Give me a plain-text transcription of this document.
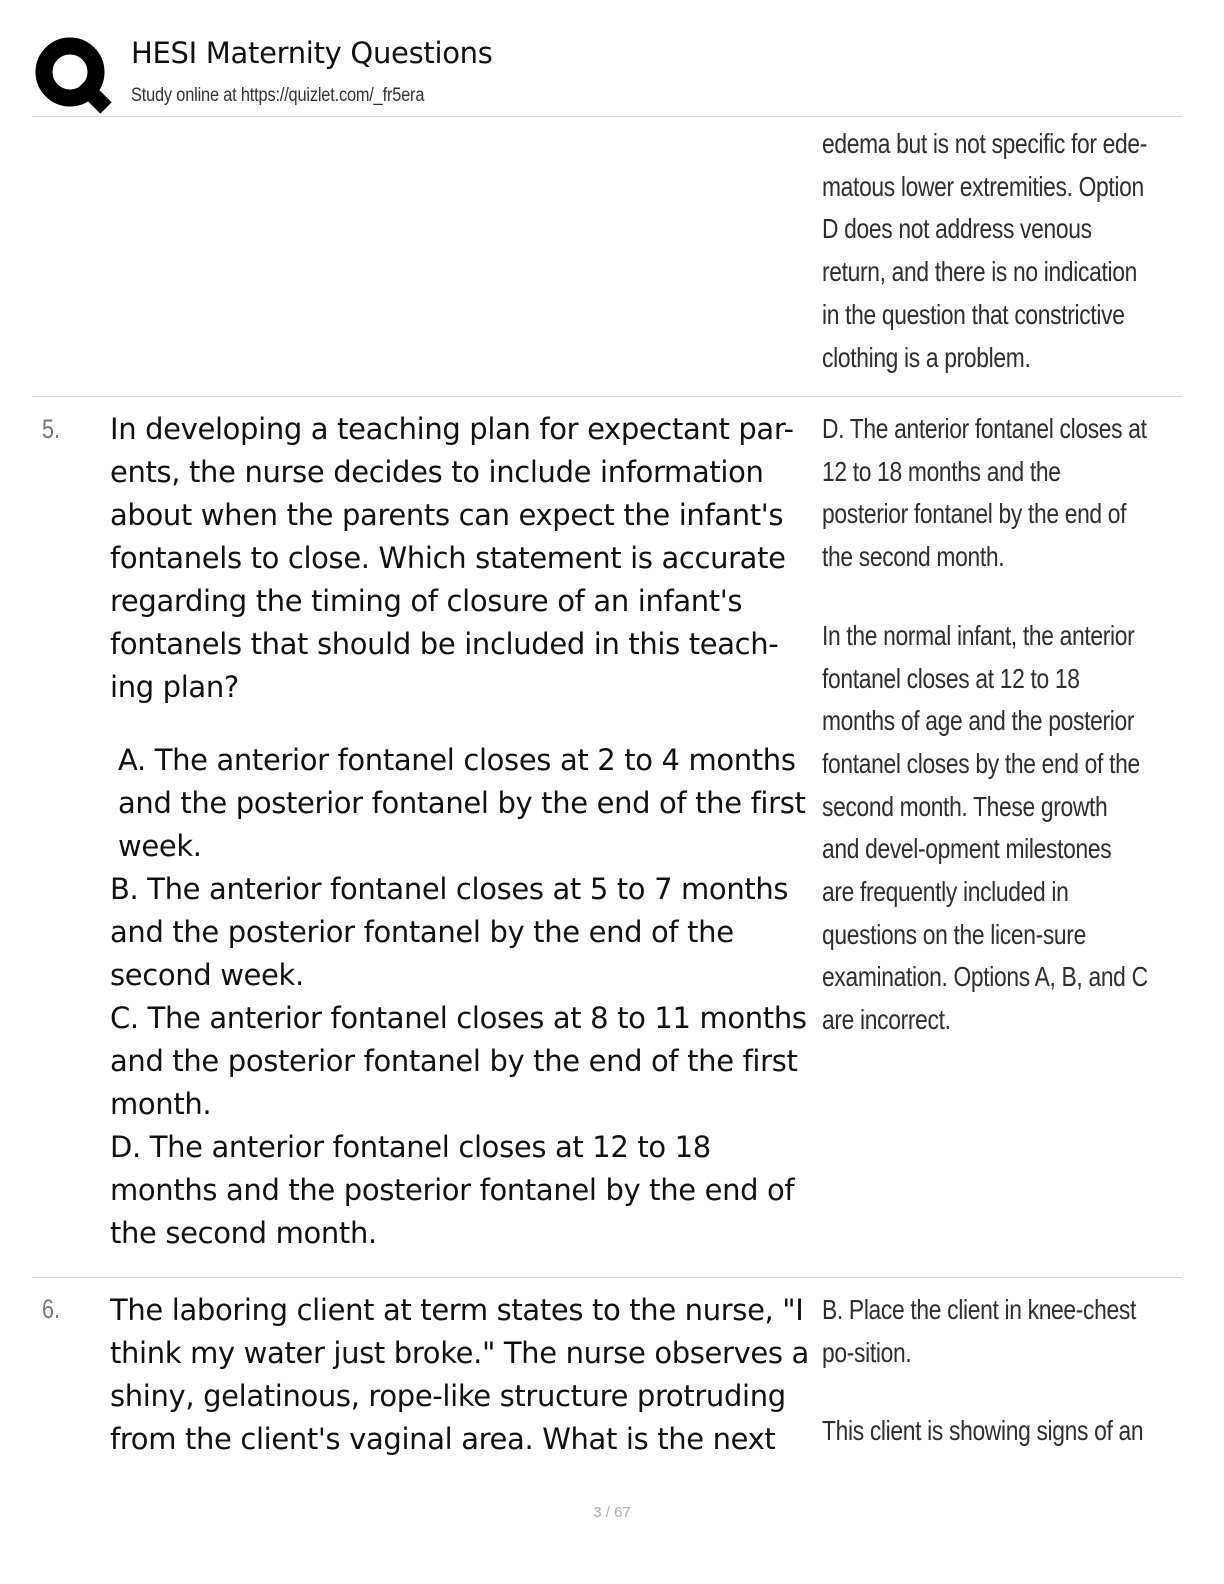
HESI Maternity Questions
Study online at https://quizlet.com/_fr5era

edema but is not specific for ede-matous lower extremities. Option D does not address venous return, and there is no indication in the question that constrictive clothing is a problem.

5. In developing a teaching plan for expectant par-ents, the nurse decides to include information about when the parents can expect the infant's fontanels to close. Which statement is accurate regarding the timing of closure of an infant's fontanels that should be included in this teach-ing plan?

A. The anterior fontanel closes at 2 to 4 months and the posterior fontanel by the end of the first week.
B. The anterior fontanel closes at 5 to 7 months and the posterior fontanel by the end of the second week.
C. The anterior fontanel closes at 8 to 11 months and the posterior fontanel by the end of the first month.
D. The anterior fontanel closes at 12 to 18 months and the posterior fontanel by the end of the second month.

D. The anterior fontanel closes at 12 to 18 months and the posterior fontanel by the end of the second month.

In the normal infant, the anterior fontanel closes at 12 to 18 months of age and the posterior fontanel closes by the end of the second month. These growth and devel-opment milestones are frequently included in questions on the licen-sure examination. Options A, B, and C are incorrect.

6. The laboring client at term states to the nurse, "I think my water just broke." The nurse observes a shiny, gelatinous, rope-like structure protruding from the client's vaginal area. What is the next

B. Place the client in knee-chest po-sition.

This client is showing signs of an

3 / 67
